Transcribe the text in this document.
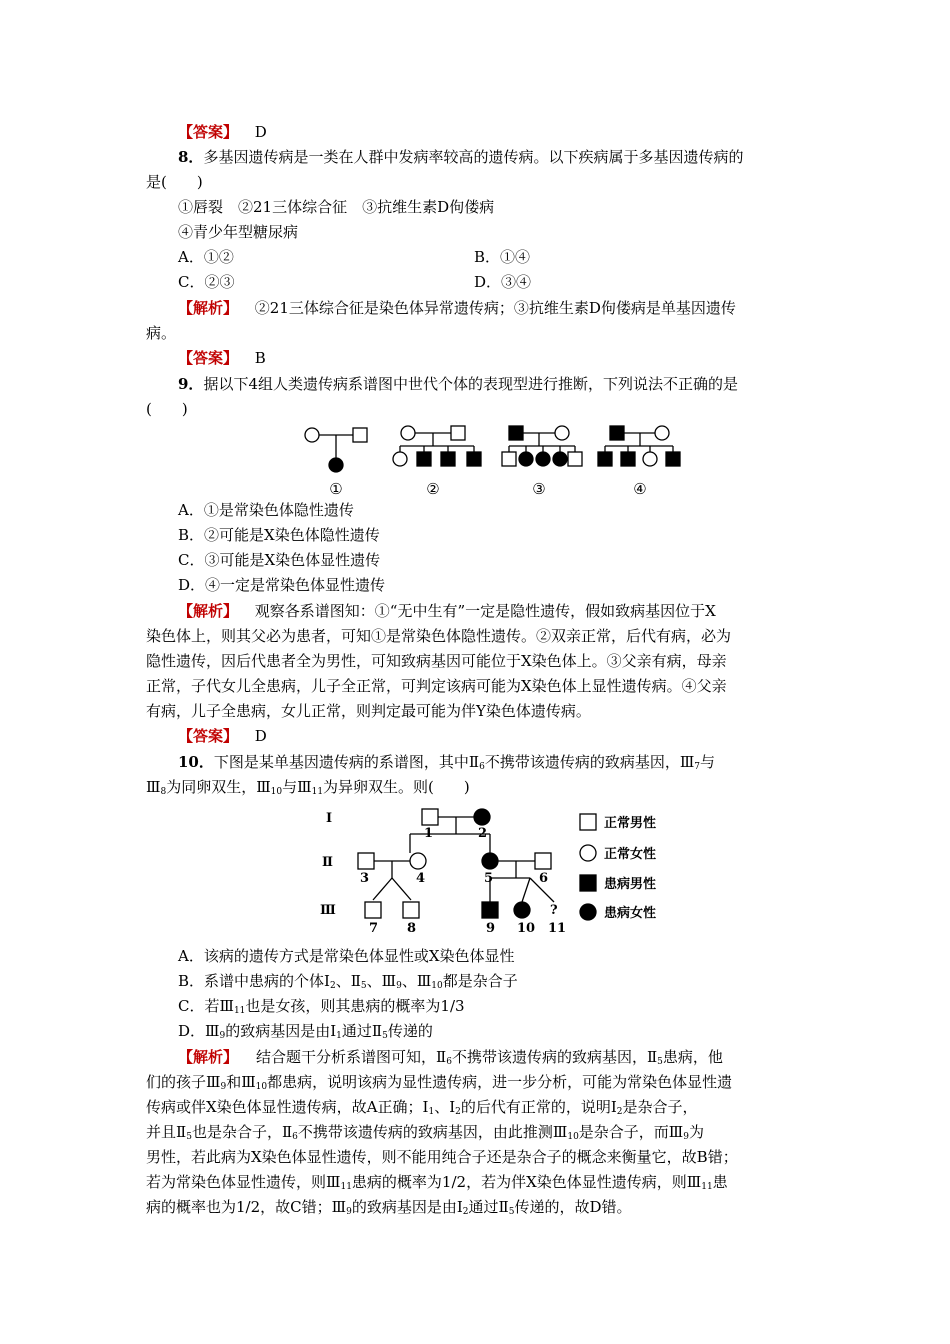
【答案】 D
8．多基因遗传病是一类在人群中发病率较高的遗传病。以下疾病属于多基因遗传病的
是(　　)
①唇裂　②21三体综合征　③抗维生素D佝偻病
④青少年型糖尿病
A．①②	B．①④
C．②③	D．③④
【解析】 ②21三体综合征是染色体异常遗传病；③抗维生素D佝偻病是单基因遗传
病。
【答案】 B
9．据以下4组人类遗传病系谱图中世代个体的表现型进行推断，下列说法不正确的是
(　　)
①	②	③	④
A．①是常染色体隐性遗传
B．②可能是X染色体隐性遗传
C．③可能是X染色体显性遗传
D．④一定是常染色体显性遗传
【解析】 观察各系谱图知：①“无中生有”一定是隐性遗传，假如致病基因位于X
染色体上，则其父必为患者，可知①是常染色体隐性遗传。②双亲正常，后代有病，必为
隐性遗传，因后代患者全为男性，可知致病基因可能位于X染色体上。③父亲有病，母亲
正常，子代女儿全患病，儿子全正常，可判定该病可能为X染色体上显性遗传病。④父亲
有病，儿子全患病，女儿正常，则判定最可能为伴Y染色体遗传病。
【答案】 D
10．下图是某单基因遗传病的系谱图，其中$Ⅱ_6$不携带该遗传病的致病基因，$Ⅲ_7$与
$Ⅲ_8$为同卵双生，$Ⅲ_{10}$与$Ⅲ_{11}$为异卵双生。则(　　)
Ⅰ
Ⅱ
Ⅲ
1	2
3	4	5	6
7 8	9 10
?
11
正常男性
正常女性
患病男性
患病女性
A．该病的遗传方式是常染色体显性或X染色体显性
B．系谱中患病的个体$Ⅰ_2$、$Ⅱ_5$、$Ⅲ_9$、$Ⅲ_{10}$都是杂合子
C．若$Ⅲ_{11}$也是女孩，则其患病的概率为1/3
D．$Ⅲ_9$的致病基因是由$Ⅰ_1$通过$Ⅱ_5$传递的
【解析】 结合题干分析系谱图可知，$Ⅱ_6$不携带该遗传病的致病基因，$Ⅱ_5$患病，他
们的孩子$Ⅲ_9$和$Ⅲ_{10}$都患病，说明该病为显性遗传病，进一步分析，可能为常染色体显性遗
传病或伴X染色体显性遗传病，故A正确；$Ⅰ_1$、$Ⅰ_2$的后代有正常的，说明$Ⅰ_2$是杂合子，
并且$Ⅱ_5$也是杂合子，$Ⅱ_6$不携带该遗传病的致病基因，由此推测$Ⅲ_{10}$是杂合子，而$Ⅲ_9$为
男性，若此病为X染色体显性遗传，则不能用纯合子还是杂合子的概念来衡量它，故B错；
若为常染色体显性遗传，则$Ⅲ_{11}$患病的概率为1/2，若为伴X染色体显性遗传病，则$Ⅲ_{11}$患
病的概率也为1/2，故C错；$Ⅲ_9$的致病基因是由$Ⅰ_2$通过$Ⅱ_5$传递的，故D错。
